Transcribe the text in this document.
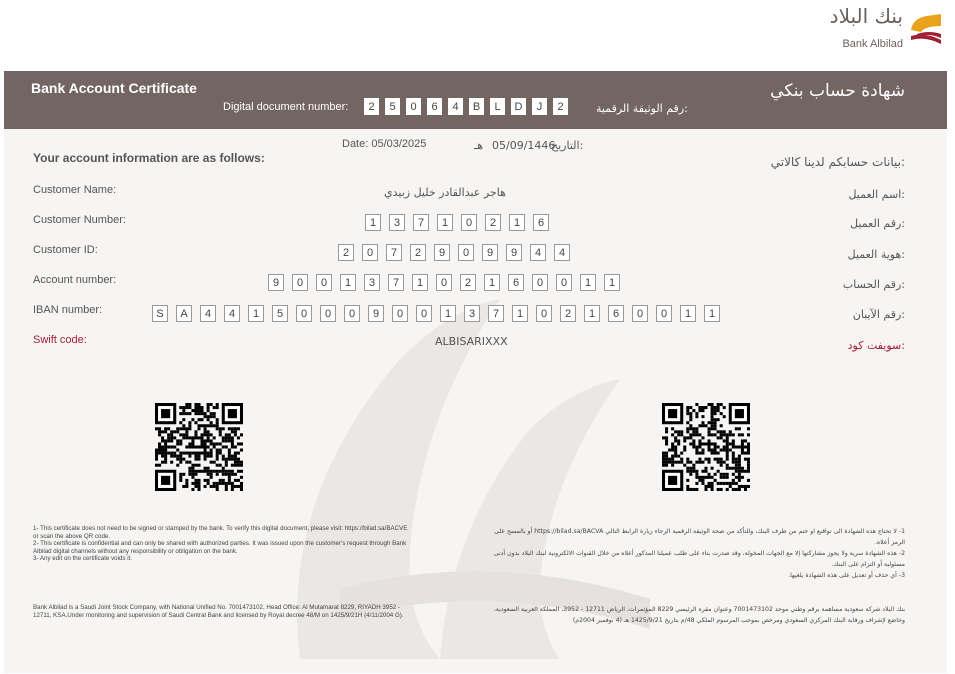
بنك البلاد
Bank Albilad
Bank Account Certificate	شهادة حساب بنكي
Digital document number:	2	5	0	6	4	B	L	D	J	2	رقم الوثيقة الرقمية:
Date: 05/03/2025	هـ 05/09/1446
التاريخ:
Your account information are as follows:	بيانات حسابكم لدينا كالاتي:
Customer Name:	هاجر عبدالقادر خليل زبيدي	اسم العميل:
Customer Number:	1	3	7	1	0	2	1	6	رقم العميل:
Customer ID:	2	0	7	2	9	0	9	9	4	4	هوية العميل:
Account number:	9	0	0	1	3	7	1	0	2	1	6	0	0	1	1	رقم الحساب:
IBAN number:	S	A	4	4	1	5	0	0	0	9	0	0	1	3	7	1	0	2	1	6	0	0	1	1	رقم الآيبان:
Swift code:	ALBISARIXXX	سويفت كود:
1- This certificate does not need to be signed or stamped by the bank. To verify this digital document, please visit: https://bilad.sa/BACVE or scan the above QR code.
2- This certificate is confidential and can only be shared with authorized parties. It was issued upon the customer's request through Bank Albilad digital channels without any responsibility or obligation on the bank.
3- Any edit on the certificate voids it.
Bank Albilad is a Saudi Joint Stock Company, with National Unified No. 7001473102, Head Office: Al Mutamarat 8229, RIYADH 3952 - 12711, KSA.Under monitoring and supervision of Saudi Central Bank and licensed by Royal decree 48/M on 1425/9/21H (4/11/2004 G).
1- لا تحتاج هذه الشهادة الى تواقيع او ختم من طرف البنك، وللتأكد من صحة الوثيقة الرقمية الرجاء زيارة الرابط التالي https://bilad.sa/BACVA أو بالمسح على الرمز أعلاه.
2- هذه الشهادة سرية ولا يجوز مشاركتها إلا مع الجهات المخولة، وقد صدرت بناء على طلب عميلنا المذكور أعلاه من خلال القنوات الالكترونية لبنك البلاد بدون أدنى مسئولية أو التزام على البنك.
3- أي حذف أو تعديل على هذه الشهادة يلغيها.
بنك البلاد شركة سعودية مساهمة برقم وطني موحد 7001473102 وعنوان مقره الرئيسي 8229 المؤتمرات، الرياض 12711 - 3952، المملكة العربية السعودية، وخاضع لإشراف ورقابة البنك المركزي السعودي ومرخص بموجب المرسوم الملكي 48/م بتاريخ 1425/9/21 هـ (4 نوفمبر 2004م)
